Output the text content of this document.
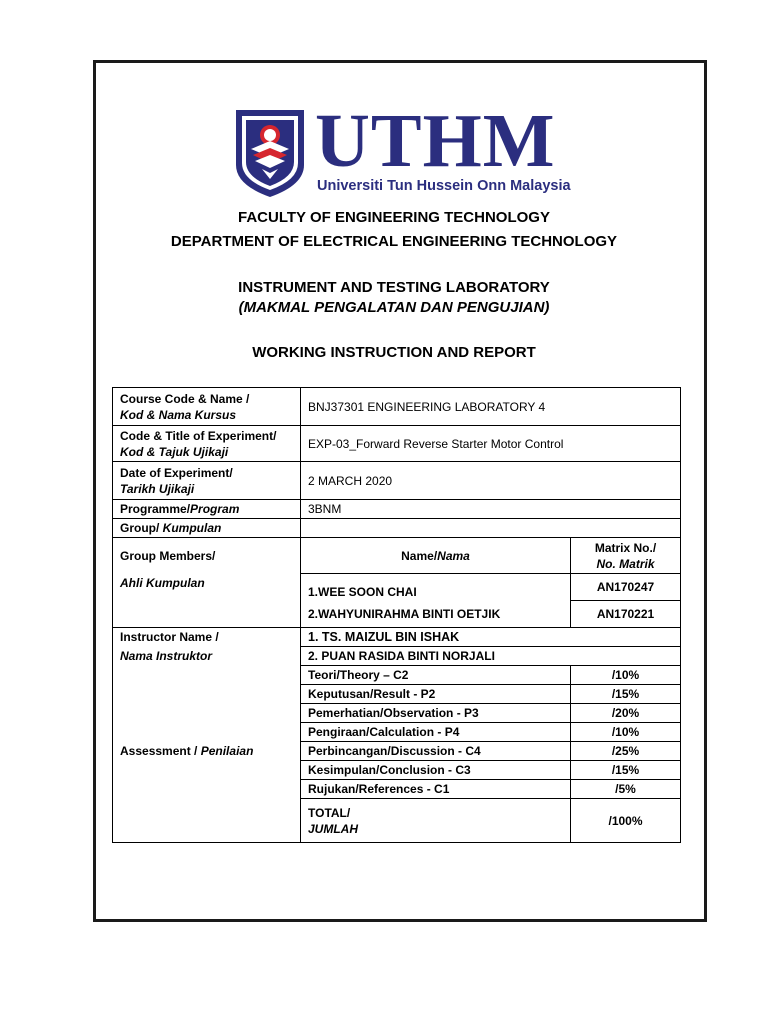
UTHM
Universiti Tun Hussein Onn Malaysia
FACULTY OF ENGINEERING TECHNOLOGY
DEPARTMENT OF ELECTRICAL ENGINEERING TECHNOLOGY
INSTRUMENT AND TESTING LABORATORY
(MAKMAL PENGALATAN DAN PENGUJIAN)
WORKING INSTRUCTION AND REPORT
Course Code & Name /
Kod & Nama Kursus	BNJ37301 ENGINEERING LABORATORY 4	

Code & Title of Experiment/
Kod & Tajuk Ujikaji	EXP-03_Forward Reverse Starter Motor Control	

Date of Experiment/
Tarikh Ujikaji	2 MARCH 2020	
Programme/Program	3BNM	
Group/ Kumpulan		
Group Members/	Name/Nama	Matrix No./
No. Matrik

Ahli Kumpulan	1.WEE SOON CHAI	AN170247
	2.WAHYUNIRAHMA BINTI OETJIK	AN170221
Instructor Name /	1. TS. MAIZUL BIN ISHAK	
Nama Instruktor	2. PUAN RASIDA BINTI NORJALI	
	Teori/Theory – C2	/10%
	Keputusan/Result - P2	/15%
	Pemerhatian/Observation - P3	/20%
	Pengiraan/Calculation - P4	/10%
Assessment / Penilaian	Perbincangan/Discussion - C4	/25%
	Kesimpulan/Conclusion - C3	/15%
	Rujukan/References - C1	/5%

	TOTAL/
JUMLAH	/100%
